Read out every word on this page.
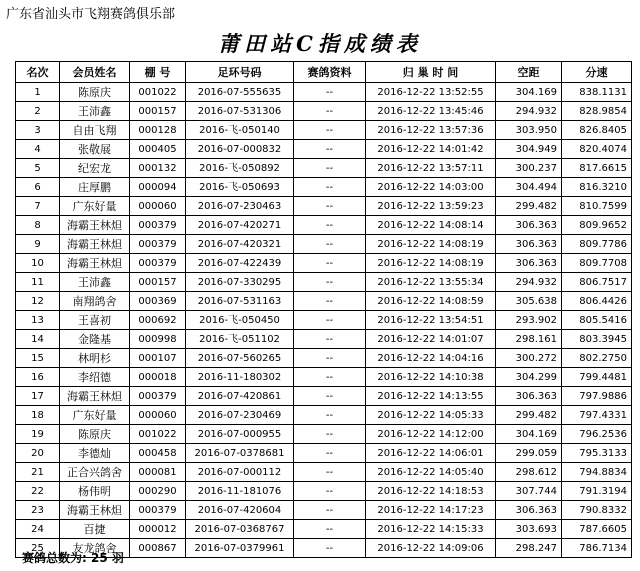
广东省汕头市飞翔赛鸽俱乐部
莆田站C指成绩表
名次	会员姓名	棚 号	足环号码	赛鸽资料	归 巢 时 间	空距	分速
1	陈原庆	001022	2016-07-555635	--	2016-12-22 13:52:55	304.169	838.1131
2	王沛鑫	000157	2016-07-531306	--	2016-12-22 13:45:46	294.932	828.9854
3	自由飞翔	000128	2016-飞-050140	--	2016-12-22 13:57:36	303.950	826.8405
4	张敬展	000405	2016-07-000832	--	2016-12-22 14:01:42	304.949	820.4074
5	纪宏龙	000132	2016-飞-050892	--	2016-12-22 13:57:11	300.237	817.6615
6	庄厚鹏	000094	2016-飞-050693	--	2016-12-22 14:03:00	304.494	816.3210
7	广东好量	000060	2016-07-230463	--	2016-12-22 13:59:23	299.482	810.7599
8	海霸王林炟	000379	2016-07-420271	--	2016-12-22 14:08:14	306.363	809.9652
9	海霸王林炟	000379	2016-07-420321	--	2016-12-22 14:08:19	306.363	809.7786
10	海霸王林炟	000379	2016-07-422439	--	2016-12-22 14:08:19	306.363	809.7708
11	王沛鑫	000157	2016-07-330295	--	2016-12-22 13:55:34	294.932	806.7517
12	南翔鸽舍	000369	2016-07-531163	--	2016-12-22 14:08:59	305.638	806.4426
13	王喜初	000692	2016-飞-050450	--	2016-12-22 13:54:51	293.902	805.5416
14	金隆基	000998	2016-飞-051102	--	2016-12-22 14:01:07	298.161	803.3945
15	林明杉	000107	2016-07-560265	--	2016-12-22 14:04:16	300.272	802.2750
16	李绍德	000018	2016-11-180302	--	2016-12-22 14:10:38	304.299	799.4481
17	海霸王林炟	000379	2016-07-420861	--	2016-12-22 14:13:55	306.363	797.9886
18	广东好量	000060	2016-07-230469	--	2016-12-22 14:05:33	299.482	797.4331
19	陈原庆	001022	2016-07-000955	--	2016-12-22 14:12:00	304.169	796.2536
20	李德灿	000458	2016-07-0378681	--	2016-12-22 14:06:01	299.059	795.3133
21	正合兴鸽舍	000081	2016-07-000112	--	2016-12-22 14:05:40	298.612	794.8834
22	杨伟明	000290	2016-11-181076	--	2016-12-22 14:18:53	307.744	791.3194
23	海霸王林炟	000379	2016-07-420604	--	2016-12-22 14:17:23	306.363	790.8332
24	百捷	000012	2016-07-0368767	--	2016-12-22 14:15:33	303.693	787.6605
25	友龙鸽舍	000867	2016-07-0379961	--	2016-12-22 14:09:06	298.247	786.7134
赛鸽总数为: 25 羽
